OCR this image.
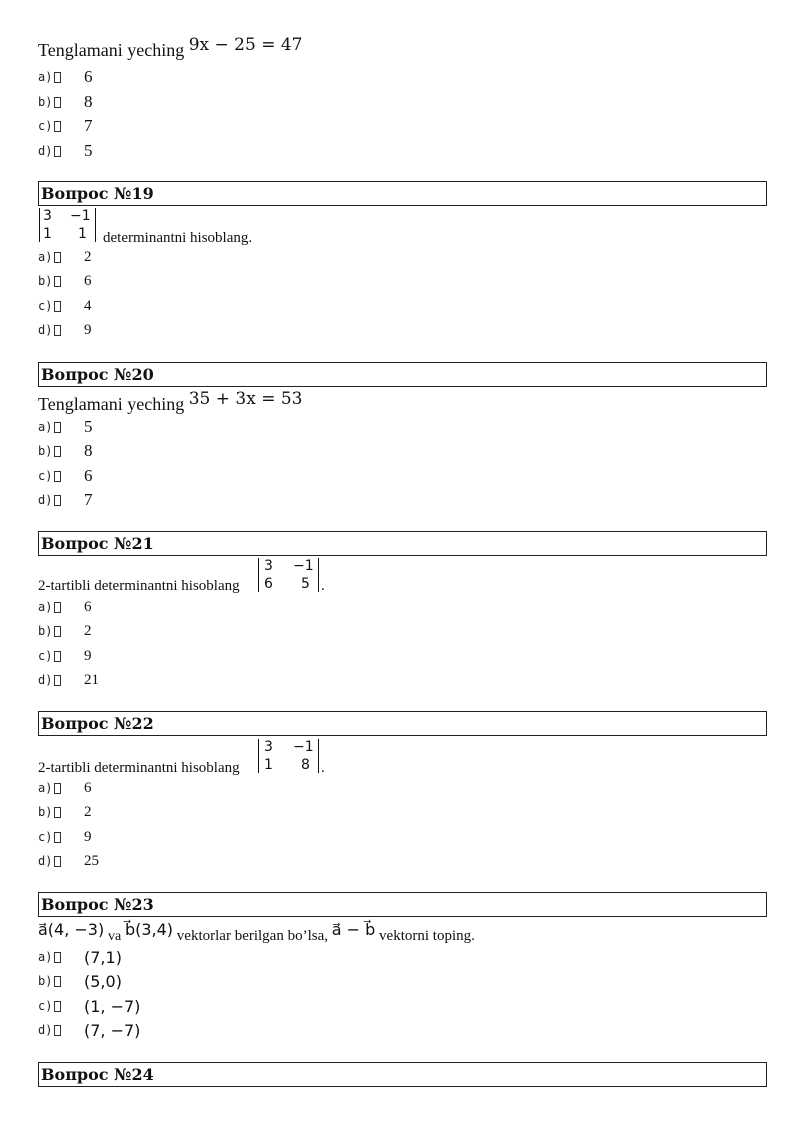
Tenglamani yeching 9x − 25 = 47
a) 6
b) 8
c) 7
d) 5
Вопрос №19
3 −1
1 1 determinantni hisoblang.
a) 2
b) 6
c) 4
d) 9
Вопрос №20
Tenglamani yeching 35 + 3x = 53
a) 5
b) 8
c) 6
d) 7
Вопрос №21
2-tartibli determinantni hisoblang
3 −1
6 5 .
a) 6
b) 2
c) 9
d) 21
Вопрос №22
2-tartibli determinantni hisoblang
3 −1
1 8 .
a) 6
b) 2
c) 9
d) 25
Вопрос №23
a⃗(4, −3) va b⃗(3,4) vektorlar berilgan bo’lsa, a⃗ − b⃗ vektorni toping.
a) (7,1)
b) (5,0)
c) (1, −7)
d) (7, −7)
Вопрос №24
